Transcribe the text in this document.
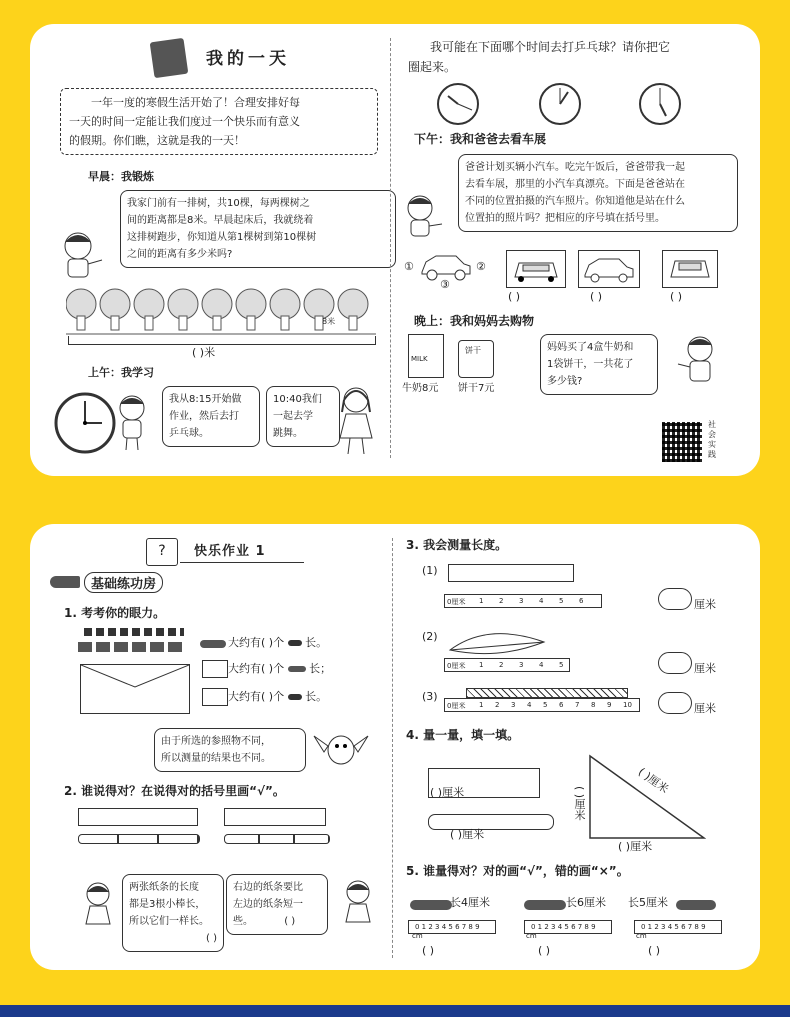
我的一天
一年一度的寒假生活开始了！合理安排好每
一天的时间一定能让我们度过一个快乐而有意义
的假期。你们瞧，这就是我的一天！
早晨：我锻炼
我家门前有一排树，共10棵，每两棵树之
间的距离都是8米。早晨起床后，我就绕着
这排树跑步，你知道从第1棵树到第10棵树
之间的距离有多少米吗?
8米
( )米
上午：我学习
我从8:15开始做
作业，然后去打
乒乓球。
10:40我们
一起去学
跳舞。
我可能在下面哪个时间去打乒乓球？请你把它
圈起来。
下午：我和爸爸去看车展
爸爸计划买辆小汽车。吃完午饭后，爸爸带我一起
去看车展，那里的小汽车真漂亮。下面是爸爸站在
不同的位置拍摄的汽车照片。你知道他是站在什么
位置拍的照片吗？把相应的序号填在括号里。
①	②
③
( )	( )	( )
晚上：我和妈妈去购物
MILK
牛奶8元
饼干
饼干7元
妈妈买了4盒牛奶和
1袋饼干，一共花了
多少钱?
社
会
实
践
?	快乐作业 1
基础练功房
1. 考考你的眼力。
大约有( )个 长。
大约有( )个 长；
大约有( )个 长。
由于所选的参照物不同，
所以测量的结果也不同。
2. 谁说得对？在说得对的括号里画“√”。
两张纸条的长度
都是3根小棒长，
所以它们一样长。
( )
右边的纸条要比
左边的纸条短一
些。	( )
3. 我会测量长度。
(1)
0厘米 1 2 3 4 5 6	厘米
(2)
0厘米 1 2 3 4 5	厘米
(3)
0厘米 1 2 3 4 5 6 7 8 9 10	厘米
4. 量一量，填一填。
( )厘米
( )厘米
( )厘米
( )厘米
( )厘米
5. 谁量得对？对的画“√”，错的画“×”。
长4厘米
0 1 2 3 4 5 6 7 8 9
cm
( )
长6厘米
0 1 2 3 4 5 6 7 8 9
cm
( )
长5厘米
0 1 2 3 4 5 6 7 8 9
cm
( )
